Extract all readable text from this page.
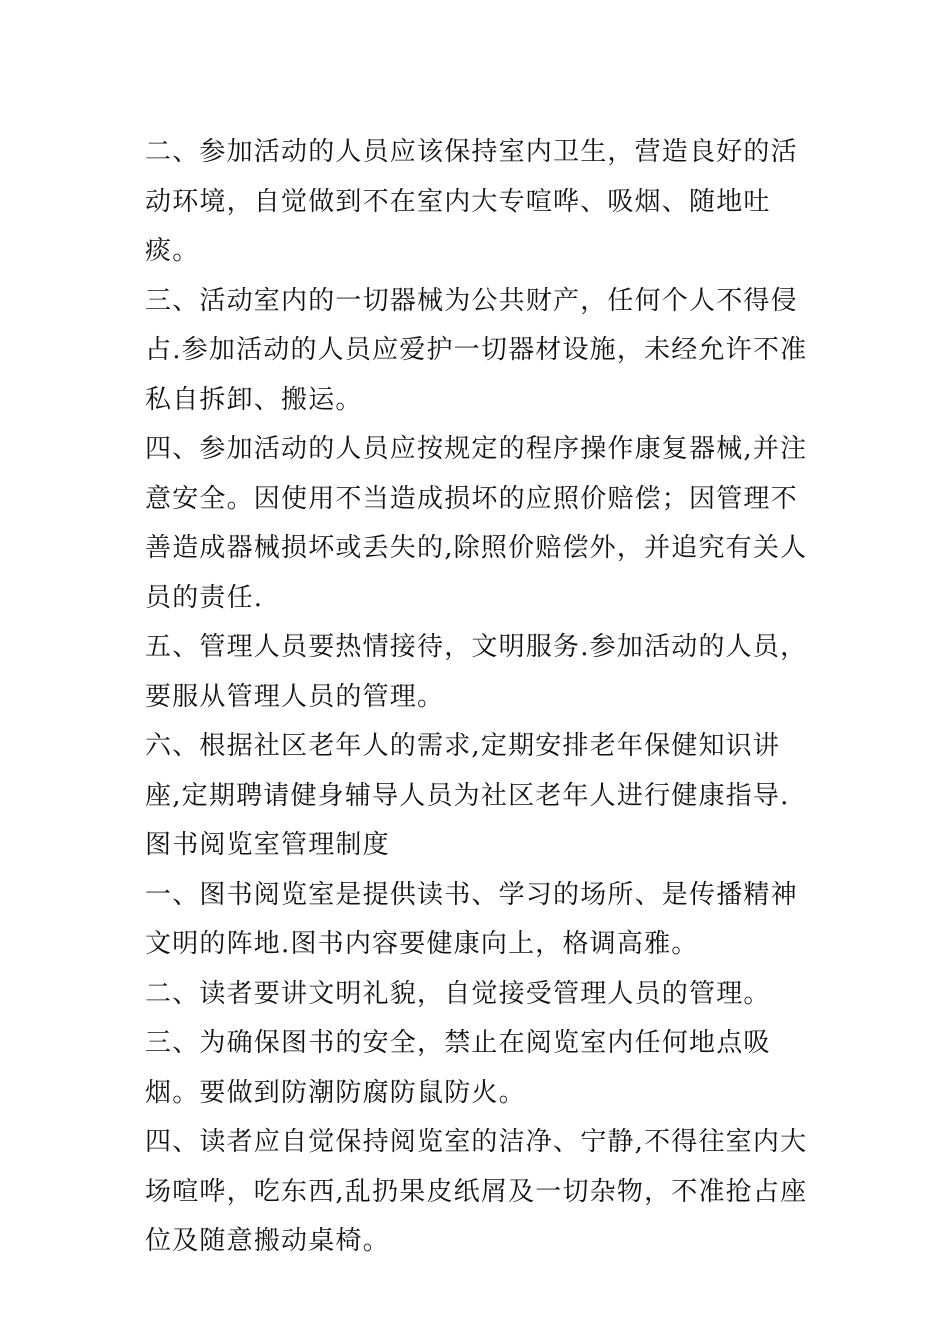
二、参加活动的人员应该保持室内卫生，营造良好的活动环境，自觉做到不在室内大专喧哗、吸烟、随地吐痰。

三、活动室内的一切器械为公共财产，任何个人不得侵占.参加活动的人员应爱护一切器材设施，未经允许不准私自拆卸、搬运。

四、参加活动的人员应按规定的程序操作康复器械,并注意安全。因使用不当造成损坏的应照价赔偿；因管理不善造成器械损坏或丢失的,除照价赔偿外，并追究有关人员的责任.

五、管理人员要热情接待，文明服务.参加活动的人员，要服从管理人员的管理。

六、根据社区老年人的需求,定期安排老年保健知识讲座,定期聘请健身辅导人员为社区老年人进行健康指导.

图书阅览室管理制度

一、图书阅览室是提供读书、学习的场所、是传播精神文明的阵地.图书内容要健康向上，格调高雅。

二、读者要讲文明礼貌，自觉接受管理人员的管理。

三、为确保图书的安全，禁止在阅览室内任何地点吸烟。要做到防潮防腐防鼠防火。

四、读者应自觉保持阅览室的洁净、宁静,不得往室内大场喧哗，吃东西,乱扔果皮纸屑及一切杂物，不准抢占座位及随意搬动桌椅。
